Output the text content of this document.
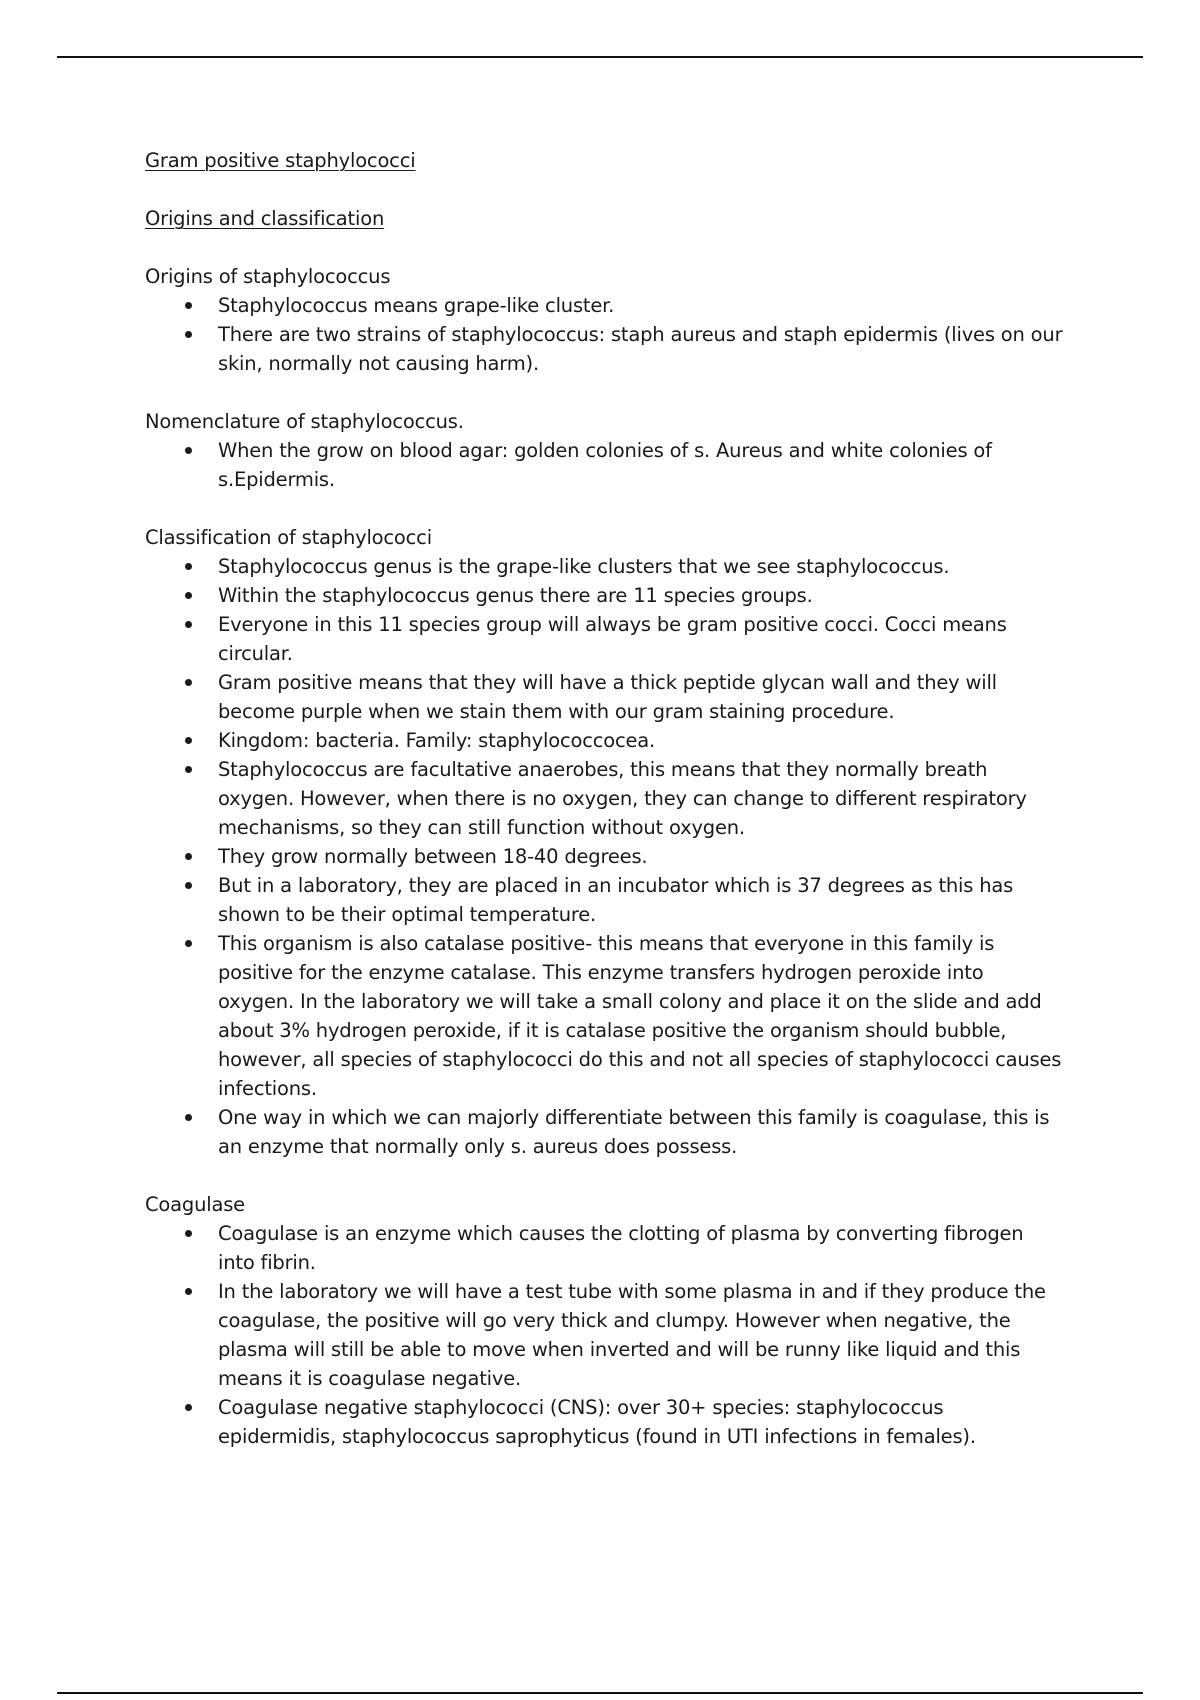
Gram positive staphylococci
Origins and classification
Origins of staphylococcus
Staphylococcus means grape-like cluster.
There are two strains of staphylococcus: staph aureus and staph epidermis (lives on our skin, normally not causing harm).
Nomenclature of staphylococcus.
When the grow on blood agar: golden colonies of s. Aureus and white colonies of s.Epidermis.
Classification of staphylococci
Staphylococcus genus is the grape-like clusters that we see staphylococcus.
Within the staphylococcus genus there are 11 species groups.
Everyone in this 11 species group will always be gram positive cocci. Cocci means circular.
Gram positive means that they will have a thick peptide glycan wall and they will become purple when we stain them with our gram staining procedure.
Kingdom: bacteria. Family: staphylococcocea.
Staphylococcus are facultative anaerobes, this means that they normally breath oxygen. However, when there is no oxygen, they can change to different respiratory mechanisms, so they can still function without oxygen.
They grow normally between 18-40 degrees.
But in a laboratory, they are placed in an incubator which is 37 degrees as this has shown to be their optimal temperature.
This organism is also catalase positive- this means that everyone in this family is positive for the enzyme catalase. This enzyme transfers hydrogen peroxide into oxygen. In the laboratory we will take a small colony and place it on the slide and add about 3% hydrogen peroxide, if it is catalase positive the organism should bubble, however, all species of staphylococci do this and not all species of staphylococci causes infections.
One way in which we can majorly differentiate between this family is coagulase, this is an enzyme that normally only s. aureus does possess.
Coagulase
Coagulase is an enzyme which causes the clotting of plasma by converting fibrogen into fibrin.
In the laboratory we will have a test tube with some plasma in and if they produce the coagulase, the positive will go very thick and clumpy. However when negative, the plasma will still be able to move when inverted and will be runny like liquid and this means it is coagulase negative.
Coagulase negative staphylococci (CNS): over 30+ species: staphylococcus epidermidis, staphylococcus saprophyticus (found in UTI infections in females).
